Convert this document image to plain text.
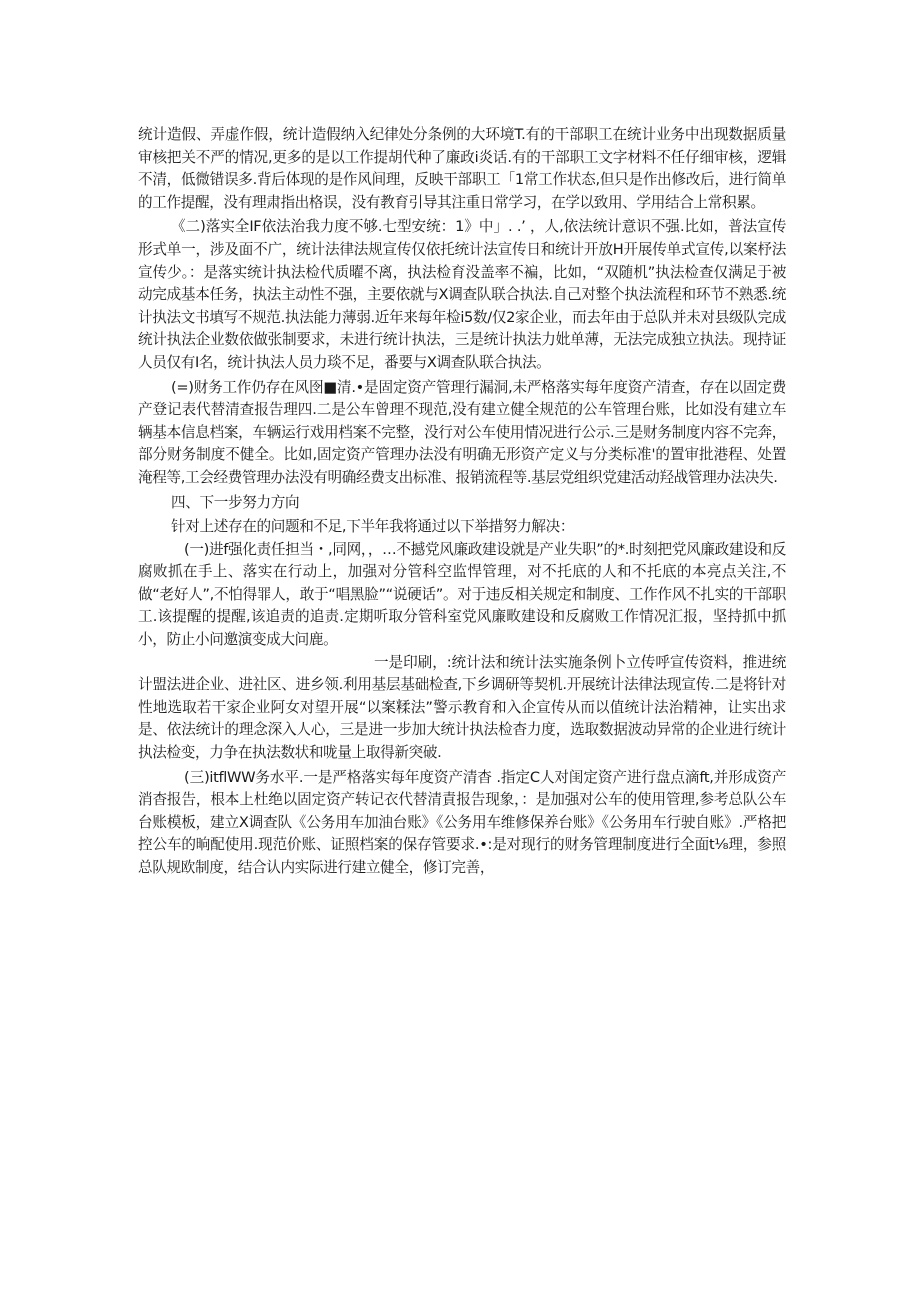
统计造假、弄虚作假，统计造假纳入纪律处分条例的大环境T.有的干部职工在统计业务中出现数据质量审核把关不严的情况,更多的是以工作提胡代种了廉政i炎话.有的干部职工文字材料不任仔细审核，逻辑不清，低微错误多.背后体现的是作风间理，反映干部职工「1常工作状态,但只是作出修改后，进行简单的工作提醒，没有理肃指出格误，没有教育引导其注重日常学习，在学以致用、学用结合上常积累。

《二)落实全IF依法治我力度不够.七型安统：1》中」. .’ ，人,依法统计意识不强.比如，普法宣传形式单一，涉及面不广，统计法律法规宣传仅依托统计法宣传日和统计开放H开展传单式宣传,以案杼法宣传少。：是落实统计执法检代质曜不离，执法检育没盖率不褊，比如，“双随机”执法检查仅满足于被动完成基本任务，执法主动性不强，主要依就与X调查队联合执法.自己对整个执法流程和环节不熟悉.统计执法文书填写不规范.执法能力薄弱.近年来每年检i5数/仅2家企业，而去年由于总队并未对县级队完成统计执法企业数依做张制要求，未进行统计执法，三是统计执法力妣单薄，无法完成独立执法。现持证人员仅有I名，统计执法人员力琰不足，番要与X调查队联合执法。

(=)财务工作仍存在风囹■清.•是固定资产管理行漏洞,未严格落实每年度资产清查，存在以固定费产登记表代替清查报告理四.二是公车曾理不现范,没有建立健全规范的公车管理台账，比如没有建立车辆基本信息档案，车辆运行戏用档案不完整，没行对公车使用情况进行公示.三是财务制度内容不完奔，部分财务制度不健全。比如,固定资产管理办法没有明确无形资产定义与分类标准'的置审批港程、处置淹程等,工会经费管理办法没有明确经费支出标准、报销流程等.基层党组织党建活动羟战管理办法决失.

四、下一步努力方向

针对上述存在的问题和不足,下半年我将通过以下举措努力解决：

(一)进f强化责任担当・,同网，，…不撼党风廉政建设就是产业失职”的*.时刻把党风廉政建设和反腐败抓在手上、落实在行动上，加强对分管科空监悍管理，对不托底的人和不托底的本亮点关注,不做“老好人”,不怕得罪人，敢于“唱黑脸”“说硬话”。对于违反相关规定和制度、工作作风不扎实的干部职工.该提醒的提醒,该追责的追责.定期听取分管科室党风廉畋建设和反腐败工作情况汇报，坚持抓中抓小，防止小问邀演变成大问鹿。

一是印刷，:统计法和统计法实施条例卜立传呼宣传资料，推进统计盟法进企业、进社区、进乡领.利用基层基础检查,下乡调研等契机.开展统计法律法现宣传.二是将针对性地选取若干家企业阿女对望开展“以案糅法”警示教育和入企宣传从而以值统计法治精神，让实出求是、依法统计的理念深入人心，三是进一步加大统计执法检杳力度，选取数据波动异常的企业进行统计执法检变，力争在执法数状和咙量上取得新突破.

(三)itflWW务水平.一是严格落实每年度资产清杳 .指定C人对闺定资产进行盘点滴ft,并形成资产消杳报告，根本上杜绝以固定资产转记衣代替清責报告现象，：是加强对公车的使用管理,参考总队公车台账模板，建立X调查队《公务用车加油台账》《公务用车维修保养台账》《公务用车行驶自账》.严格把控公车的晌配使用.现范价账、证照档案的保存管要求.•:是对现行的财务管理制度进行全面t⅛理，参照总队规欧制度，结合认内实际进行建立健全，修订完善，
